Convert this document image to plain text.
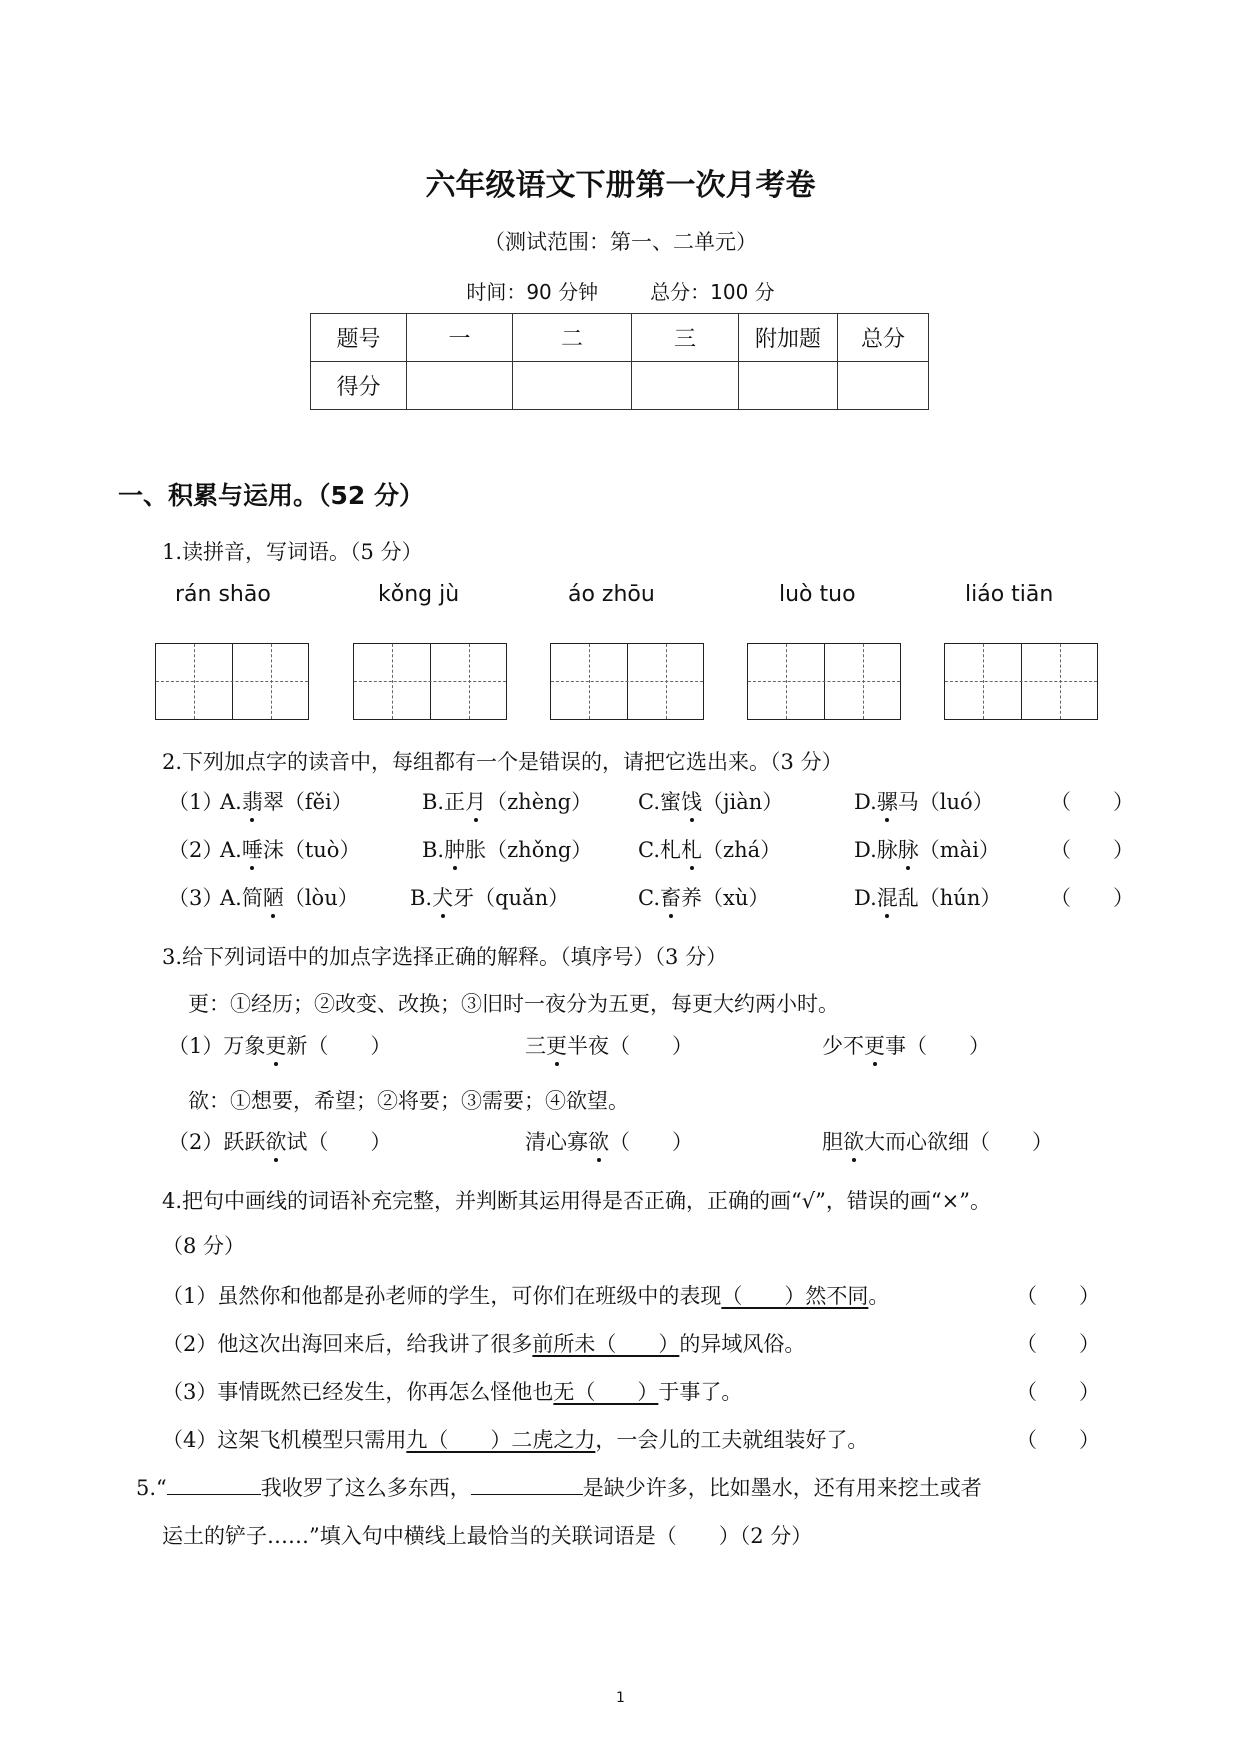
六年级语文下册第一次月考卷
（测试范围：第一、二单元）
时间：90 分钟	总分：100 分
题号	一	二	三	附加题	总分
得分					
一、积累与运用。（52 分）
1.读拼音，写词语。（5 分）
rán shāo	kǒng jù	áo zhōu	luò tuo	liáo tiān
2.下列加点字的读音中，每组都有一个是错误的，请把它选出来。（3 分）
（1）
A.翡翠（fěi）	B.正月（zhèng） C.蜜饯（jiàn）	D.骡马（luó）	（　　）
（2）
A.唾沫（tuò）	B.肿胀（zhǒng） C.札札（zhá）	D.脉脉（mài） （　　）
（3）
A.简陋（lòu） B.犬牙（quǎn）	C.畜养（xù）	D.混乱（hún） （　　）
3.给下列词语中的加点字选择正确的解释。（填序号）（3 分）
更：①经历；②改变、改换；③旧时一夜分为五更，每更大约两小时。
（1）万象更新（　　）	三更半夜（　　）	少不更事（　　）
欲：①想要，希望；②将要；③需要；④欲望。
（2）跃跃欲试（　　）	清心寡欲（　　）	胆欲大而心欲细（　　）
4.把句中画线的词语补充完整，并判断其运用得是否正确，正确的画“√”，错误的画“×”。
（8 分）
（1）虽然你和他都是孙老师的学生，可你们在班级中的表现（　　）然不同。	（　　）
（2）他这次出海回来后，给我讲了很多前所未（　　）的异域风俗。	（　　）
（3）事情既然已经发生，你再怎么怪他也无（　　）于事了。	（　　）
（4）这架飞机模型只需用九（　　）二虎之力，一会儿的工夫就组装好了。	（　　）
5.“	我收罗了这么多东西，	是缺少许多，比如墨水，还有用来挖土或者
运土的铲子……”填入句中横线上最恰当的关联词语是（　　）（2 分）
1
